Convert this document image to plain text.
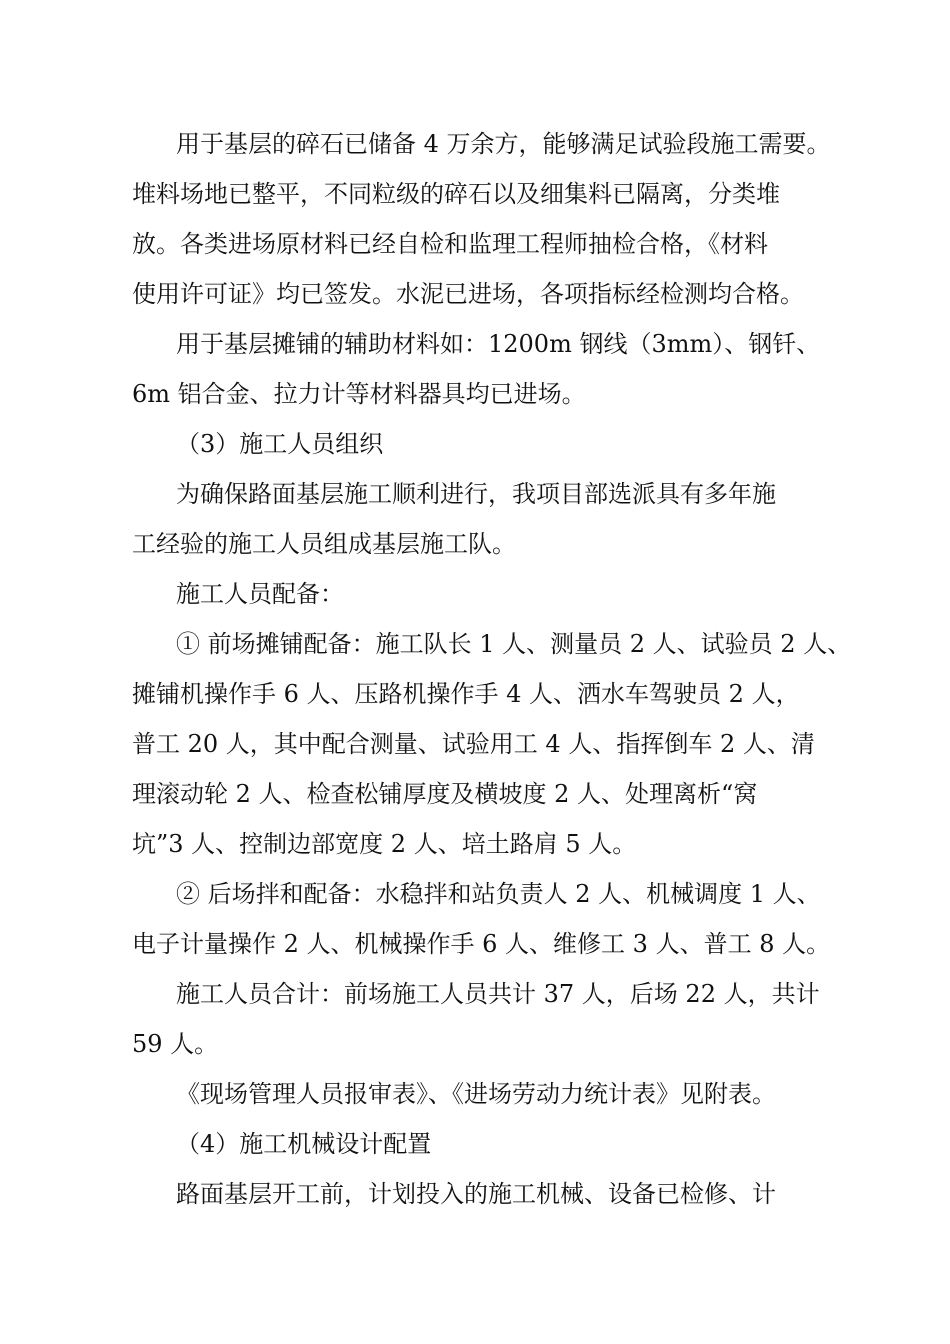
用于基层的碎石已储备 4 万余方，能够满足试验段施工需要。
堆料场地已整平，不同粒级的碎石以及细集料已隔离，分类堆
放。各类进场原材料已经自检和监理工程师抽检合格，《材料
使用许可证》均已签发。水泥已进场，各项指标经检测均合格。
用于基层摊铺的辅助材料如：1200m 钢线（3mm）、钢钎、
6m 铝合金、拉力计等材料器具均已进场。
（3）施工人员组织
为确保路面基层施工顺利进行，我项目部选派具有多年施
工经验的施工人员组成基层施工队。
施工人员配备：
① 前场摊铺配备：施工队长 1 人、测量员 2 人、试验员 2 人、
摊铺机操作手 6 人、压路机操作手 4 人、洒水车驾驶员 2 人，
普工 20 人，其中配合测量、试验用工 4 人、指挥倒车 2 人、清
理滚动轮 2 人、检查松铺厚度及横坡度 2 人、处理离析“窝
坑”3 人、控制边部宽度 2 人、培土路肩 5 人。
② 后场拌和配备：水稳拌和站负责人 2 人、机械调度 1 人、
电子计量操作 2 人、机械操作手 6 人、维修工 3 人、普工 8 人。
施工人员合计：前场施工人员共计 37 人，后场 22 人，共计
59 人。
《现场管理人员报审表》、《进场劳动力统计表》见附表。
（4）施工机械设计配置
路面基层开工前，计划投入的施工机械、设备已检修、计
